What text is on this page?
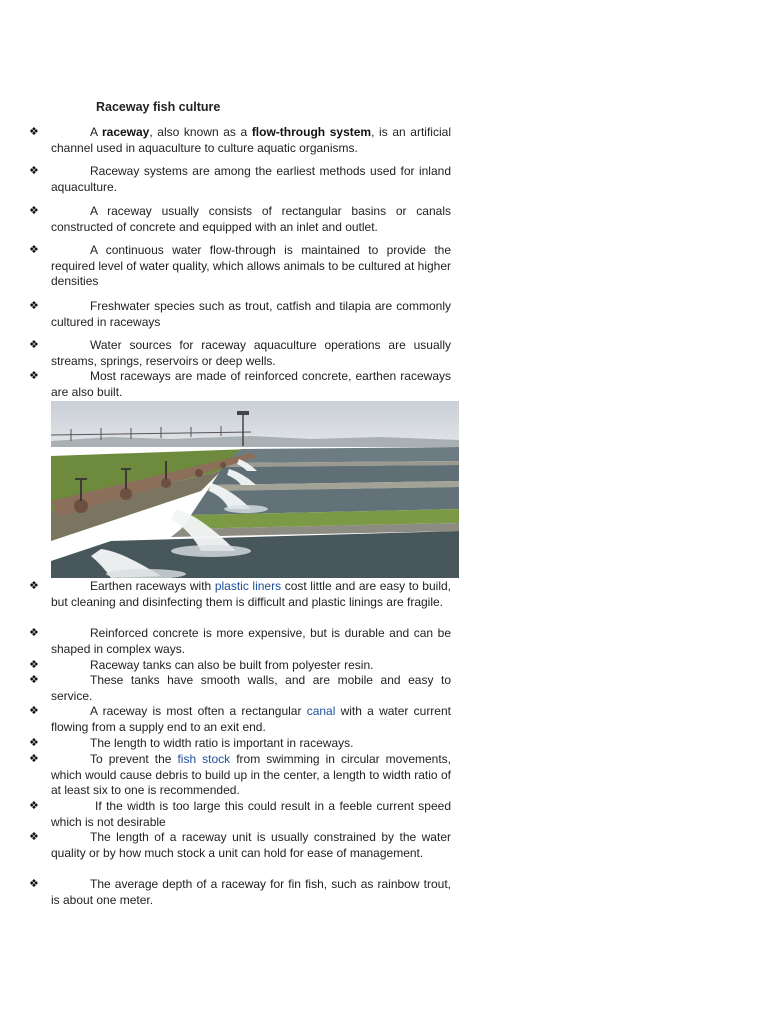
Raceway fish culture
❖	A raceway, also known as a flow-through system, is an artificial channel used in aquaculture to culture aquatic organisms.
❖	Raceway systems are among the earliest methods used for inland aquaculture.
❖	A raceway usually consists of rectangular basins or canals constructed of concrete and equipped with an inlet and outlet.
❖	A continuous water flow-through is maintained to provide the required level of water quality, which allows animals to be cultured at higher densities
❖	Freshwater species such as trout, catfish and tilapia are commonly cultured in raceways
❖	Water sources for raceway aquaculture operations are usually streams, springs, reservoirs or deep wells.
❖	Most raceways are made of reinforced concrete, earthen raceways are also built.
❖	Earthen raceways with plastic liners cost little and are easy to build, but cleaning and disinfecting them is difficult and plastic linings are fragile.
❖	Reinforced concrete is more expensive, but is durable and can be shaped in complex ways.
❖	Raceway tanks can also be built from polyester resin.
❖	These tanks have smooth walls, and are mobile and easy to service.
❖	A raceway is most often a rectangular canal with a water current flowing from a supply end to an exit end.
❖	The length to width ratio is important in raceways.
❖	To prevent the fish stock from swimming in circular movements, which would cause debris to build up in the center, a length to width ratio of at least six to one is recommended.
❖	If the width is too large this could result in a feeble current speed which is not desirable
❖	The length of a raceway unit is usually constrained by the water quality or by how much stock a unit can hold for ease of management.
❖	The average depth of a raceway for fin fish, such as rainbow trout, is about one meter.
